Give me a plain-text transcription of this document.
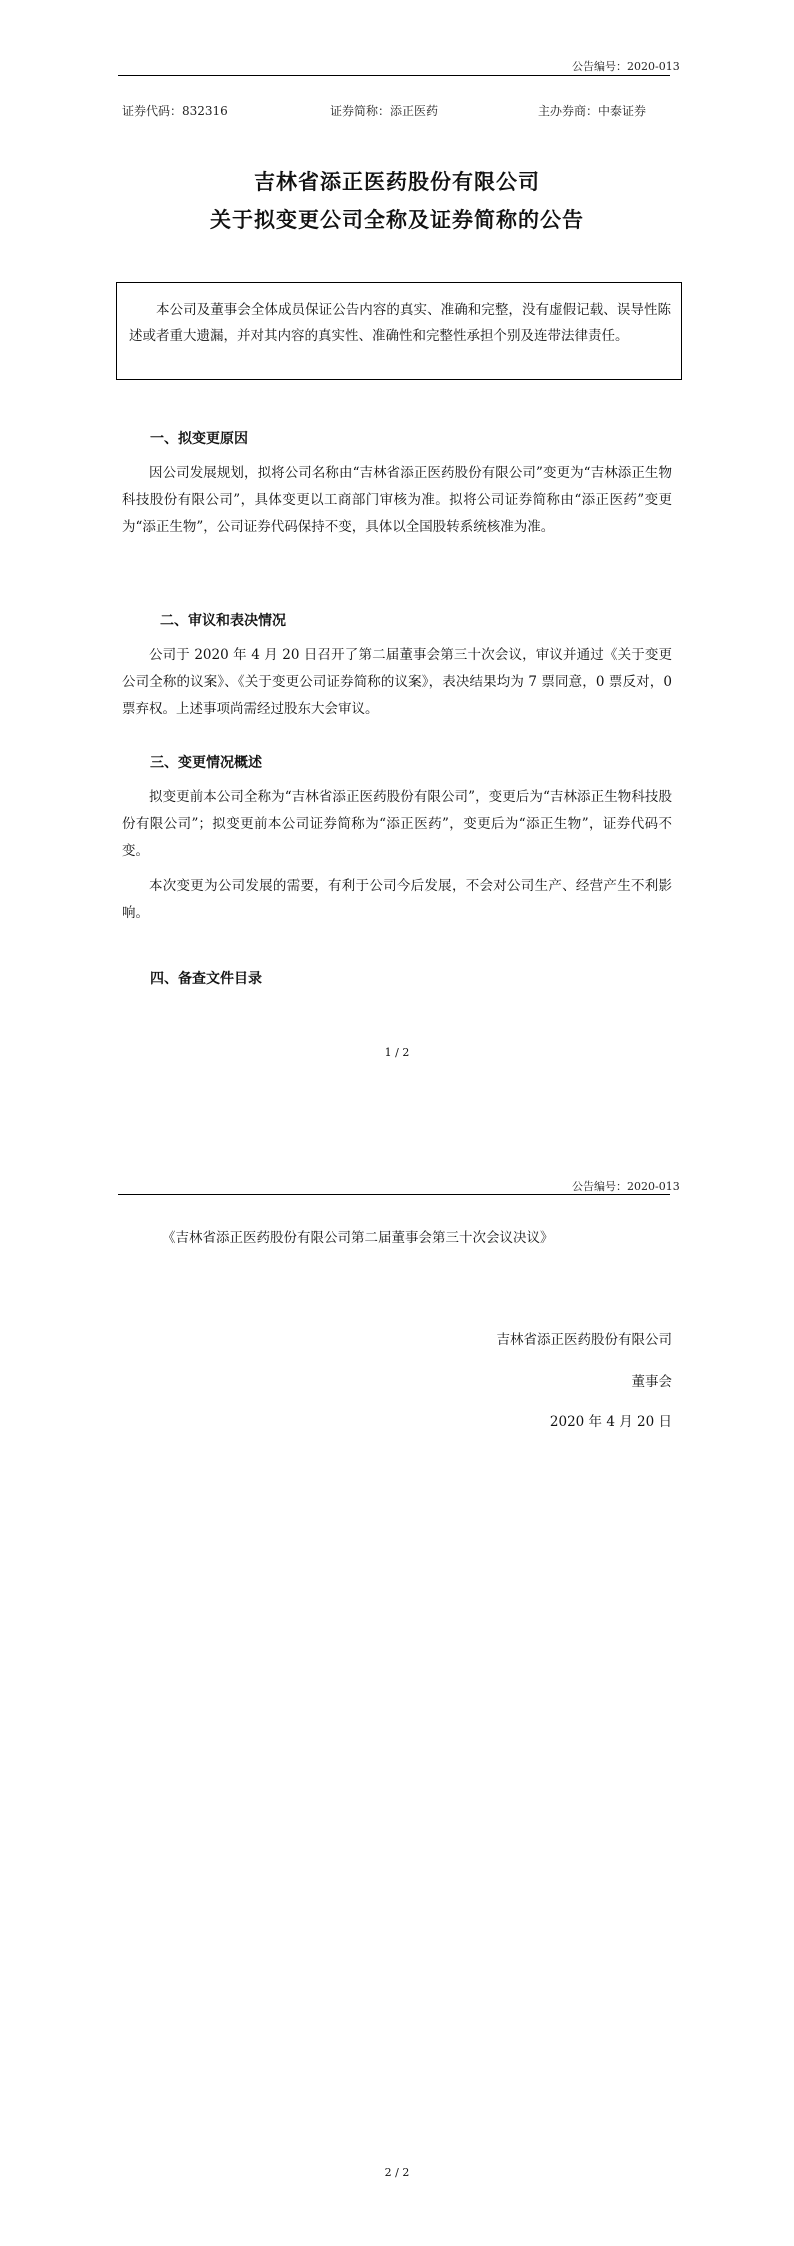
公告编号：2020-013
证券代码：832316	证券简称：添正医药	主办券商：中泰证券
吉林省添正医药股份有限公司
关于拟变更公司全称及证券简称的公告

本公司及董事会全体成员保证公告内容的真实、准确和完整，没有虚假记载、误导性陈述或者重大遗漏，并对其内容的真实性、准确性和完整性承担个别及连带法律责任。

一、拟变更原因

因公司发展规划，拟将公司名称由“吉林省添正医药股份有限公司”变更为“吉林添正生物科技股份有限公司”，具体变更以工商部门审核为准。拟将公司证券简称由“添正医药”变更为“添正生物”，公司证券代码保持不变，具体以全国股转系统核准为准。

二、审议和表决情况

公司于 2020 年 4 月 20 日召开了第二届董事会第三十次会议，审议并通过《关于变更公司全称的议案》、《关于变更公司证券简称的议案》，表决结果均为 7 票同意，0 票反对，0 票弃权。上述事项尚需经过股东大会审议。

三、变更情况概述

拟变更前本公司全称为“吉林省添正医药股份有限公司”，变更后为“吉林添正生物科技股份有限公司”；拟变更前本公司证券简称为“添正医药”，变更后为“添正生物”，证券代码不变。

本次变更为公司发展的需要，有利于公司今后发展，不会对公司生产、经营产生不利影响。

四、备查文件目录
1 / 2
公告编号：2020-013
《吉林省添正医药股份有限公司第二届董事会第三十次会议决议》
吉林省添正医药股份有限公司
董事会
2020 年 4 月 20 日
2 / 2
